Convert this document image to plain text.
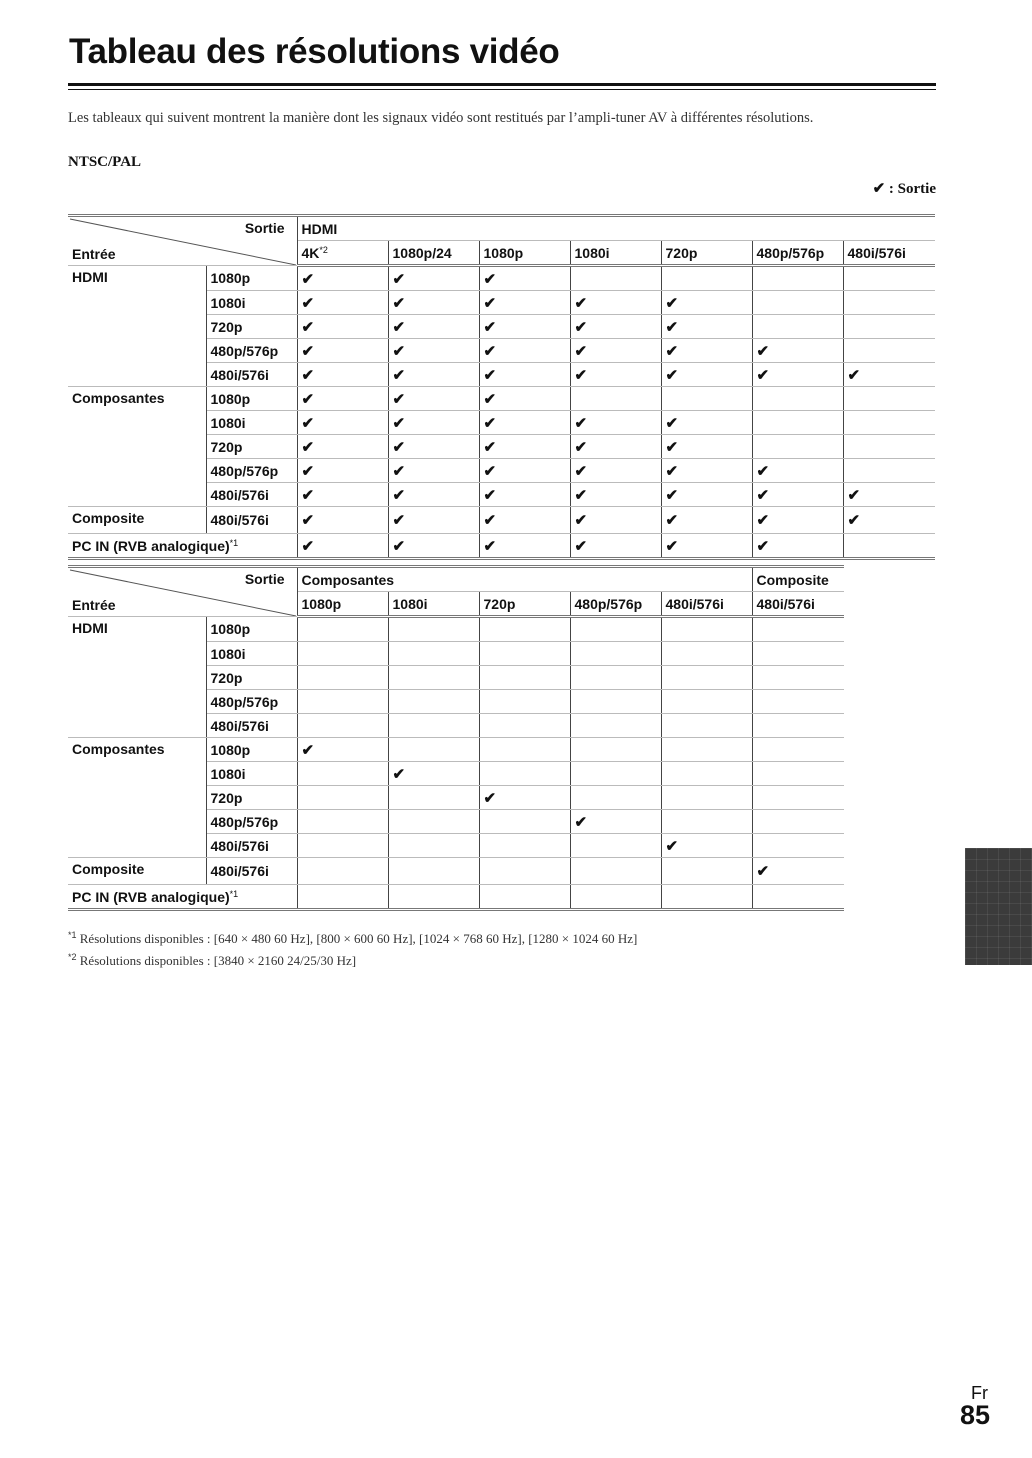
Tableau des résolutions vidéo

Les tableaux qui suivent montrent la manière dont les signaux vidéo sont restitués par l’ampli-tuner AV à différentes résolutions.

NTSC/PAL

✔ : Sortie
Sortie
Entrée		HDMI						
		$4K^{*2}$	1080p/24	1080p	1080i	720p	480p/576p	480i/576i
HDMI	1080p	✔	✔	✔				
	1080i	✔	✔	✔	✔	✔		
	720p	✔	✔	✔	✔	✔		
	480p/576p	✔	✔	✔	✔	✔	✔	
	480i/576i	✔	✔	✔	✔	✔	✔	✔
Composantes	1080p	✔	✔	✔				
	1080i	✔	✔	✔	✔	✔		
	720p	✔	✔	✔	✔	✔		
	480p/576p	✔	✔	✔	✔	✔	✔	
	480i/576i	✔	✔	✔	✔	✔	✔	✔
Composite	480i/576i	✔	✔	✔	✔	✔	✔	✔
PC IN (RVB analogique)$^{*1}$		✔	✔	✔	✔	✔	✔	
Sortie
Entrée		Composantes					Composite
		1080p	1080i	720p	480p/576p	480i/576i	480i/576i
HDMI	1080p						
	1080i						
	720p						
	480p/576p						
	480i/576i						
Composantes	1080p	✔					
	1080i		✔				
	720p			✔			
	480p/576p				✔		
	480i/576i					✔	
Composite	480i/576i						✔
PC IN (RVB analogique)$^{*1}$						
$^{*1}$ Résolutions disponibles : [640 × 480 60 Hz], [800 × 600 60 Hz], [1024 × 768 60 Hz], [1280 × 1024 60 Hz]
$^{*2}$ Résolutions disponibles : [3840 × 2160 24/25/30 Hz]
Fr
85
